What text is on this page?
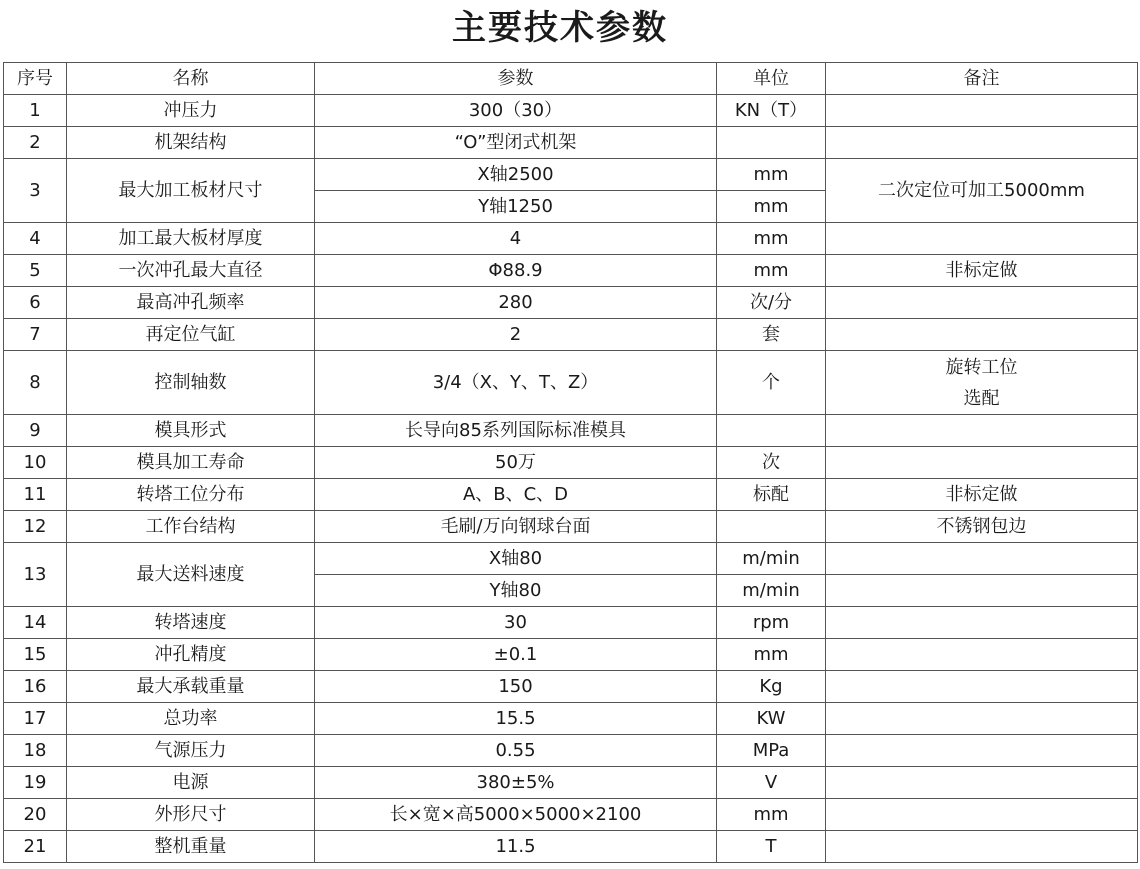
主要技术参数
序号	名称	参数	单位	备注
1	冲压力	300（30）	KN（T）	
2	机架结构	“O”型闭式机架		
3	最大加工板材尺寸	X轴2500	mm	二次定位可加工5000mm
		Y轴1250	mm	
4	加工最大板材厚度	4	mm	
5	一次冲孔最大直径	Φ88.9	mm	非标定做
6	最高冲孔频率	280	次/分	
7	再定位气缸	2	套	
8	控制轴数	3/4（X、Y、T、Z）	个	旋转工位
选配

9	模具形式	长导向85系列国际标准模具		
10	模具加工寿命	50万	次	
11	转塔工位分布	A、B、C、D	标配	非标定做
12	工作台结构	毛刷/万向钢球台面		不锈钢包边
13	最大送料速度	X轴80	m/min	
		Y轴80	m/min	
14	转塔速度	30	rpm	
15	冲孔精度	±0.1	mm	
16	最大承载重量	150	Kg	
17	总功率	15.5	KW	
18	气源压力	0.55	MPa	
19	电源	380±5%	V	
20	外形尺寸	长×宽×高5000×5000×2100	mm	
21	整机重量	11.5	T	
